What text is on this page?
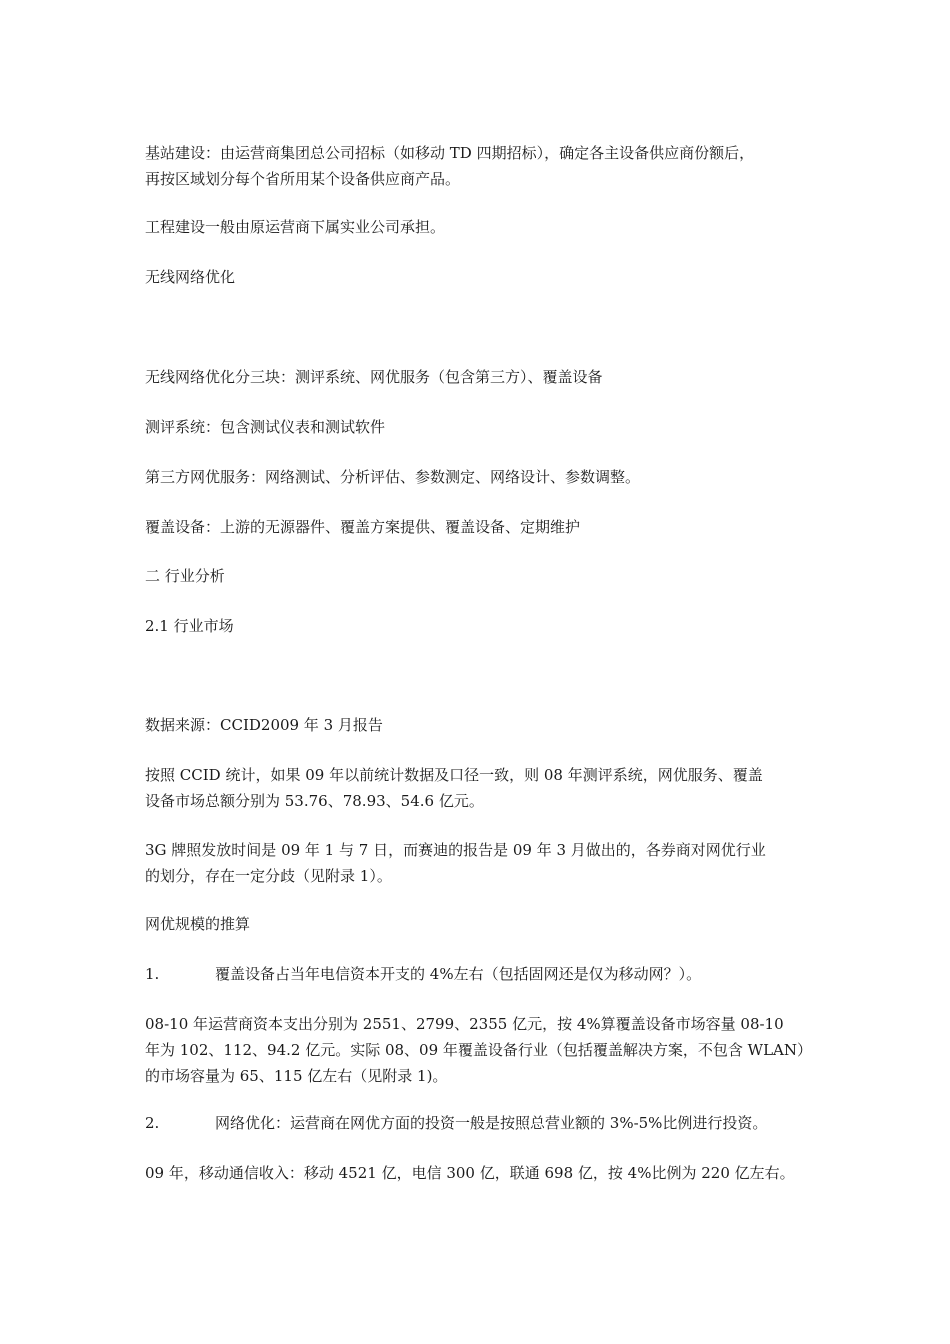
基站建设：由运营商集团总公司招标（如移动 TD 四期招标），确定各主设备供应商份额后，
再按区域划分每个省所用某个设备供应商产品。

工程建设一般由原运营商下属实业公司承担。

无线网络优化

无线网络优化分三块：测评系统、网优服务（包含第三方）、覆盖设备

测评系统：包含测试仪表和测试软件

第三方网优服务：网络测试、分析评估、参数测定、网络设计、参数调整。

覆盖设备：上游的无源器件、覆盖方案提供、覆盖设备、定期维护

二 行业分析

2.1 行业市场

数据来源：CCID2009 年 3 月报告

按照 CCID 统计，如果 09 年以前统计数据及口径一致，则 08 年测评系统，网优服务、覆盖
设备市场总额分别为 53.76、78.93、54.6 亿元。

3G 牌照发放时间是 09 年 1 与 7 日，而赛迪的报告是 09 年 3 月做出的，各券商对网优行业
的划分，存在一定分歧（见附录 1）。

网优规模的推算

1.	覆盖设备占当年电信资本开支的 4%左右（包括固网还是仅为移动网？）。

08-10 年运营商资本支出分别为 2551、2799、2355 亿元，按 4%算覆盖设备市场容量 08-10
年为 102、112、94.2 亿元。实际 08、09 年覆盖设备行业（包括覆盖解决方案，不包含 WLAN）
的市场容量为 65、115 亿左右（见附录 1)。

2.	网络优化：运营商在网优方面的投资一般是按照总营业额的 3%-5%比例进行投资。

09 年，移动通信收入：移动 4521 亿，电信 300 亿，联通 698 亿，按 4%比例为 220 亿左右。
